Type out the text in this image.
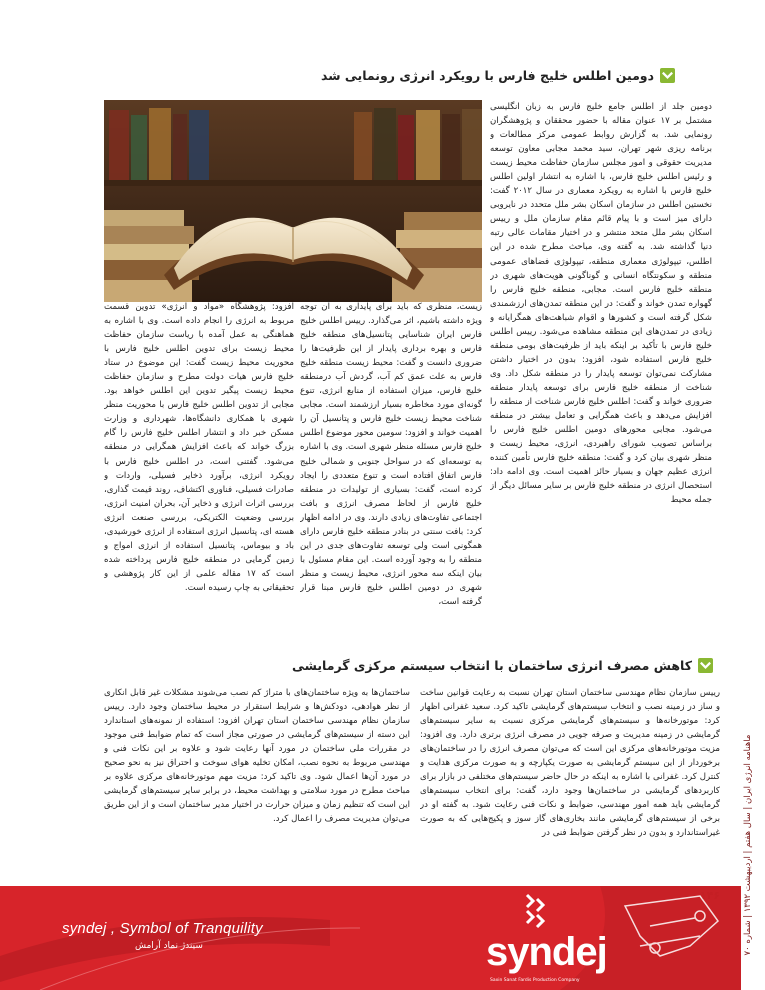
دومین اطلس خلیج فارس با رویکرد انرژی رونمایی شد
دومین جلد از اطلس جامع خلیج فارس به زبان انگلیسی مشتمل بر ۱۷ عنوان مقاله با حضور محققان و پژوهشگران رونمایی شد. به گزارش روابط عمومی مرکز مطالعات و برنامه ریزی شهر تهران، سید محمد مجابی معاون توسعه مدیریت حقوقی و امور مجلس سازمان حفاظت محیط زیست و رئیس اطلس خلیج فارس، با اشاره به انتشار اولین اطلس خلیج فارس با اشاره به رویکرد معماری در سال ۲۰۱۲ گفت: نخستین اطلس در سازمان اسکان بشر ملل متحدد در نایروبی دارای میز است و با پیام قائم مقام سازمان ملل و رییس اسکان بشر ملل متحد منتشر و در اختیار مقامات عالی رتبه دنیا گذاشته شد. به گفته وی، مباحث مطرح شده در این اطلس، تیپولوژی معماری منطقه، تیپولوژی فضاهای عمومی منطقه و سکونتگاه انسانی و گوناگونی هویت‌های شهری در منطقه خلیج فارس است. مجابی، منطقه خلیج فارس را گهواره تمدن خواند و گفت: در این منطقه تمدن‌های ارزشمندی شکل گرفته است و کشورها و اقوام شباهت‌های همگرایانه و زیادی در تمدن‌های این منطقه مشاهده می‌شود. رییس اطلس خلیج فارس با تأکید بر اینکه باید از ظرفیت‌های بومی منطقه خلیج فارس استفاده شود، افزود: بدون در اختیار داشتن مشارکت نمی‌توان توسعه پایدار را در منطقه شکل داد. وی شناخت از منطقه خلیج فارس برای توسعه پایدار منطقه ضروری خواند و گفت: اطلس خلیج فارس شناخت از منطقه را افزایش می‌دهد و باعث همگرایی و تعامل بیشتر در منطقه می‌شود. مجابی محورهای دومین اطلس خلیج فارس را براساس تصویب شورای راهبردی، انرژی، محیط زیست و منظر شهری بیان کرد و گفت: منطقه خلیج فارس تأمین کننده انرژی عظیم جهان و بسیار حائز اهمیت است. وی ادامه داد: استحصال انرژی در منطقه خلیج فارس بر سایر مسائل دیگر از جمله محیط
زیست، منظری که باید برای پایداری به آن توجه ویژه داشته باشیم، اثر می‌گذارد. رییس اطلس خلیج فارس ایران شناسایی پتانسیل‌های منطقه خلیج فارس و بهره برداری پایدار از این ظرفیت‌ها را ضروری دانست و گفت: محیط زیست منطقه خلیج فارس به علت عمق کم آب، گردش آب درمنطقه خلیج فارس، میزان استفاده از منابع انرژی، تنوع گونه‌ای مورد مخاطره بسیار ارزشمند است. مجابی شناخت محیط زیست خلیج فارس و پتانسیل آن را اهمیت خواند و افزود: سومین محور موضوع اطلس خلیج فارس مسئله منظر شهری است. وی با اشاره به توسعه‌ای که در سواحل جنوبی و شمالی خلیج فارس اتفاق افتاده است و تنوع متعددی را ایجاد کرده است، گفت: بسیاری از تولیدات در منطقه خلیج فارس از لحاظ مصرف انرژی و بافت اجتماعی تفاوت‌های زیادی دارند. وی در ادامه اظهار کرد: بافت سنتی در بنادر منطقه خلیج فارس دارای همگونی است ولی توسعه تفاوت‌های جدی در این منطقه را به وجود آورده است. این مقام مسئول با بیان اینکه سه محور انرژی، محیط زیست و منظر شهری در دومین اطلس خلیج فارس مبنا قرار گرفته است،
افزود: پژوهشگاه «مواد و انرژی» تدوین قسمت مربوط به انرژی را انجام داده است. وی با اشاره به هماهنگی به عمل آمده با ریاست سازمان حفاظت محیط زیست برای تدوین اطلس خلیج فارس با محوریت محیط زیست گفت: این موضوع در ستاد خلیج فارس هیات دولت مطرح و سازمان حفاظت محیط زیست پیگیر تدوین این اطلس خواهد بود. مجابی از تدوین اطلس خلیج فارس با محوریت منظر شهری با همکاری دانشگاه‌ها، شهرداری و وزارت مسکن خبر داد و انتشار اطلس خلیج فارس را گام بزرگ خواند که باعث افزایش همگرایی در منطقه می‌شود. گفتنی است، در اطلس خلیج فارس با رویکرد انرژی، برآورد ذخایر فسیلی، واردات و صادرات فسیلی، فناوری اکتشاف، روند قیمت گذاری، بررسی اثرات انرژی و ذخایر آن، بحران امنیت انرژی، بررسی وضعیت الکتریکی، بررسی صنعت انرژی هسته ای، پتانسیل انرژی استفاده از انرژی خورشیدی، باد و بیوماس، پتانسیل استفاده از انرژی امواج و زمین گرمایی در منطقه خلیج فارس پرداخته شده است که ۱۷ مقاله علمی از این کار پژوهشی و تحقیقاتی به چاپ رسیده است.
کاهش مصرف انرژی ساختمان با انتخاب سیستم مرکزی گرمایشی
رییس سازمان نظام مهندسی ساختمان استان تهران نسبت به رعایت قوانین ساخت و ساز در زمینه نصب و انتخاب سیستم‌های گرمایشی تاکید کرد. سعید غفرانی اظهار کرد: موتورخانه‌ها و سیستم‌های گرمایشی مرکزی نسبت به سایر سیستم‌های گرمایشی در زمینه مدیریت و صرفه جویی در مصرف انرژی برتری دارد. وی افزود: مزیت موتورخانه‌های مرکزی این است که می‌توان مصرف انرژی را در ساختمان‌های برخوردار از این سیستم گرمایشی به صورت یکپارچه و به صورت مرکزی هدایت و کنترل کرد. غفرانی با اشاره به اینکه در حال حاضر سیستم‌های مختلفی در بازار برای کاربردهای گرمایشی در ساختمان‌ها وجود دارد، گفت: برای انتخاب سیستم‌های گرمایشی باید همه امور مهندسی، ضوابط و نکات فنی رعایت شود. به گفته او در برخی از سیستم‌های گرمایشی مانند بخاری‌های گاز سوز و پکیج‌هایی که به صورت غیراستاندارد و بدون در نظر گرفتن ضوابط فنی در
ساختمان‌ها به ویژه ساختمان‌های با متراژ کم نصب می‌شوند مشکلات غیر قابل انکاری از نظر هوادهی، دودکش‌ها و شرایط استقرار در محیط ساختمان وجود دارد. رییس سازمان نظام مهندسی ساختمان استان تهران افزود: استفاده از نمونه‌های استاندارد این دسته از سیستم‌های گرمایشی در صورتی مجاز است که تمام ضوابط فنی موجود در مقررات ملی ساختمان در مورد آنها رعایت شود و علاوه بر این نکات فنی و مهندسی مربوط به نحوه نصب، امکان تخلیه هوای سوخت و احتراق نیز به نحو صحیح در مورد آن‌ها اعمال شود. وی تاکید کرد: مزیت مهم موتورخانه‌های مرکزی علاوه بر مباحث مطرح در مورد سلامتی و بهداشت محیط، در برابر سایر سیستم‌های گرمایشی این است که تنظیم زمان و میزان حرارت در اختیار مدیر ساختمان است و از این طریق می‌توان مدیریت مصرف را اعمال کرد.
ماهنامه انرژی ایران | سال هفتم | اردیبهشت ۱۳۹۲ | شماره ۷۰
۱۴۶
syndej
Saxin Sanat Fardis Production Company
syndej , Symbol of Tranquility
سیندژ نماد آرامش
